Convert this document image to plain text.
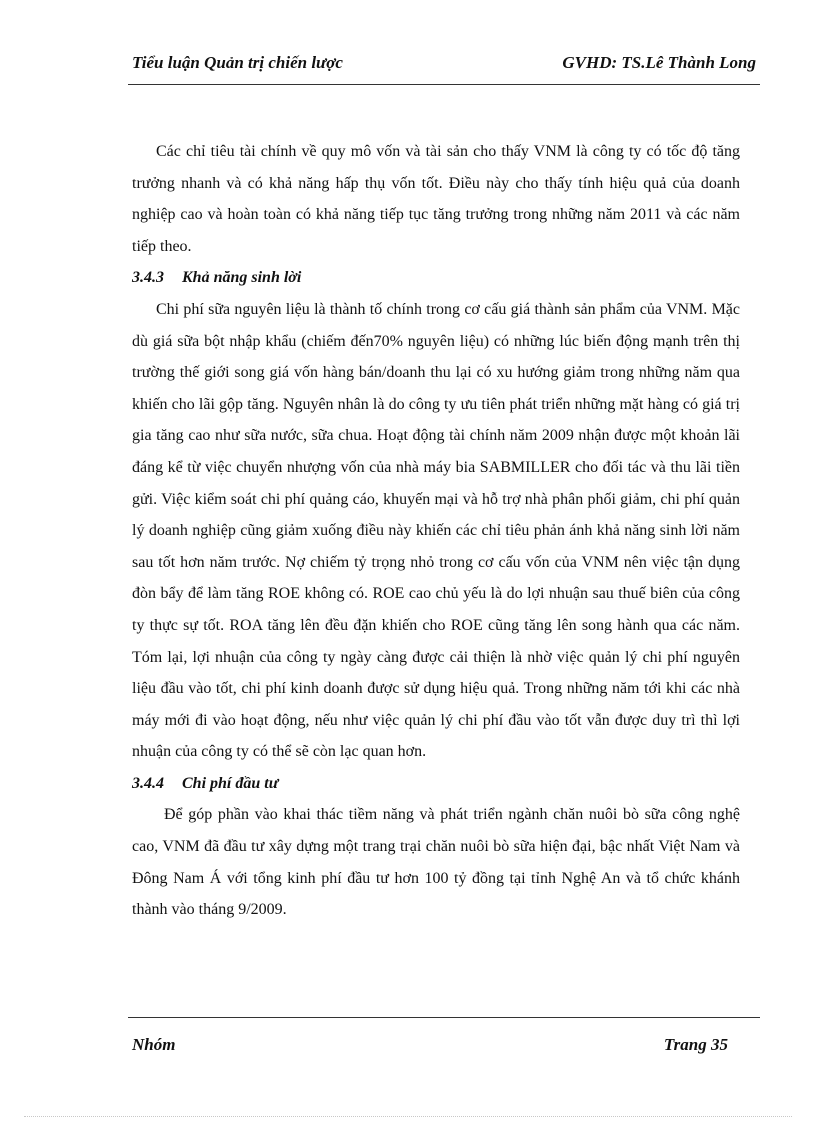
Tiểu luận Quản trị chiến lược	GVHD: TS.Lê Thành Long

Các chỉ tiêu tài chính về quy mô vốn và tài sản cho thấy VNM là công ty có tốc độ tăng trưởng nhanh và có khả năng hấp thụ vốn tốt. Điều này cho thấy tính hiệu quả của doanh nghiệp cao và hoàn toàn có khả năng tiếp tục tăng trưởng trong những năm 2011 và các năm tiếp theo.

3.4.3 Khả năng sinh lời

Chi phí sữa nguyên liệu là thành tố chính trong cơ cấu giá thành sản phẩm của VNM. Mặc dù giá sữa bột nhập khẩu (chiếm đến70% nguyên liệu) có những lúc biến động mạnh trên thị trường thế giới song giá vốn hàng bán/doanh thu lại có xu hướng giảm trong những năm qua khiến cho lãi gộp tăng. Nguyên nhân là do công ty ưu tiên phát triển những mặt hàng có giá trị gia tăng cao như sữa nước, sữa chua. Hoạt động tài chính năm 2009 nhận được một khoản lãi đáng kể từ việc chuyển nhượng vốn của nhà máy bia SABMILLER cho đối tác và thu lãi tiền gửi. Việc kiểm soát chi phí quảng cáo, khuyến mại và hỗ trợ nhà phân phối giảm, chi phí quản lý doanh nghiệp cũng giảm xuống điều này khiến các chỉ tiêu phản ánh khả năng sinh lời năm sau tốt hơn năm trước. Nợ chiếm tỷ trọng nhỏ trong cơ cấu vốn của VNM nên việc tận dụng đòn bẩy để làm tăng ROE không có. ROE cao chủ yếu là do lợi nhuận sau thuế biên của công ty thực sự tốt. ROA tăng lên đều đặn khiến cho ROE cũng tăng lên song hành qua các năm. Tóm lại, lợi nhuận của công ty ngày càng được cải thiện là nhờ việc quản lý chi phí nguyên liệu đầu vào tốt, chi phí kinh doanh được sử dụng hiệu quả. Trong những năm tới khi các nhà máy mới đi vào hoạt động, nếu như việc quản lý chi phí đầu vào tốt vẫn được duy trì thì lợi nhuận của công ty có thể sẽ còn lạc quan hơn.

3.4.4 Chi phí đầu tư

Để góp phần vào khai thác tiềm năng và phát triển ngành chăn nuôi bò sữa công nghệ cao, VNM đã đầu tư xây dựng một trang trại chăn nuôi bò sữa hiện đại, bậc nhất Việt Nam và Đông Nam Á với tổng kinh phí đầu tư hơn 100 tỷ đồng tại tỉnh Nghệ An và tổ chức khánh thành vào tháng 9/2009.

Nhóm	Trang 35
